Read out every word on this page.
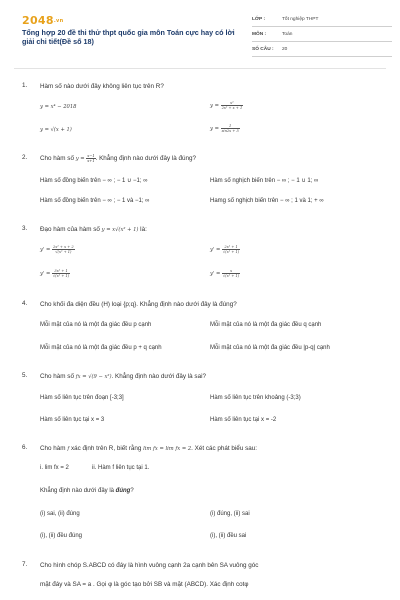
2048.vn
Tổng hợp 20 đề thi thử thpt quốc gia môn Toán cực hay có lời giải chi tiết(Đề số 18)
LỚP :	Tốt nghiệp THPT
MÔN :	Toán
SỐ CÂU : 20
1. Hàm số nào dưới đây không liên tục trên R?
y = x⁴ − 2018	$y = \frac{\text{x²}}{\text{2x² + x + 1}}$
y = √(x + 1)	$y = \frac{1}{\sin 2x + 5}$
2. Cho hàm số $y = \frac{x-1}{x+1}$ . Khẳng định nào dưới đây là đúng?
Hàm số đồng biến trên − ∞ ; − 1 ∪ −1; ∞	Hàm số nghịch biến trên − ∞ ; − 1 ∪ 1; ∞
Hàm số đồng biến trên − ∞ ; − 1 và −1; ∞	Hamg số nghịch biến trên − ∞ ; 1 và 1; + ∞
3. Đạo hàm của hàm số y = x√(x² + 1) là:
$y' = \frac{\text{2x² + x + 2}}{\text{√(x² + 1)}}$	$y' = \frac{\text{2x² + 1}}{\text{√(x² + 1)}}$
$y' = \frac{\text{3x² + 1}}{\text{√(x² + 1)}}$	$y' = \frac{x}{\text{√(x² + 1)}}$
4. Cho khối đa diện đều (H) loại {p;q}. Khẳng định nào dưới đây là đúng?
Mỗi mặt của nó là một đa giác đều p cạnh	Mỗi mặt của nó là một đa giác đều q cạnh
Mỗi mặt của nó là một đa giác đều p + q cạnh	Mỗi mặt của nó là một đa giác đều |p-q| cạnh
5. Cho hàm số fx = √(9 − x²). Khẳng định nào dưới đây là sai?
Hàm số liên tục trên đoạn [-3;3]	Hàm số liên tục trên khoảng (-3;3)
Hàm số liên tục tại x = 3	Hàm số liên tục tại x = -2
6. Cho hàm f xác định trên R, biết rằng lim fx = lim fx = 2. Xét các phát biểu sau:
i. lim fx = 2	ii. Hàm f liên tục tại 1.
Khẳng định nào dưới đây là đúng?
(i) sai, (ii) đúng	(i) đúng, (ii) sai
(i), (ii) đều đúng	(i), (ii) đều sai
7. Cho hình chóp S.ABCD có đáy là hình vuông cạnh 2a cạnh bên SA vuông góc
mặt đáy và SA = a . Gọi φ là góc tạo bởi SB và mặt (ABCD). Xác định cotφ
